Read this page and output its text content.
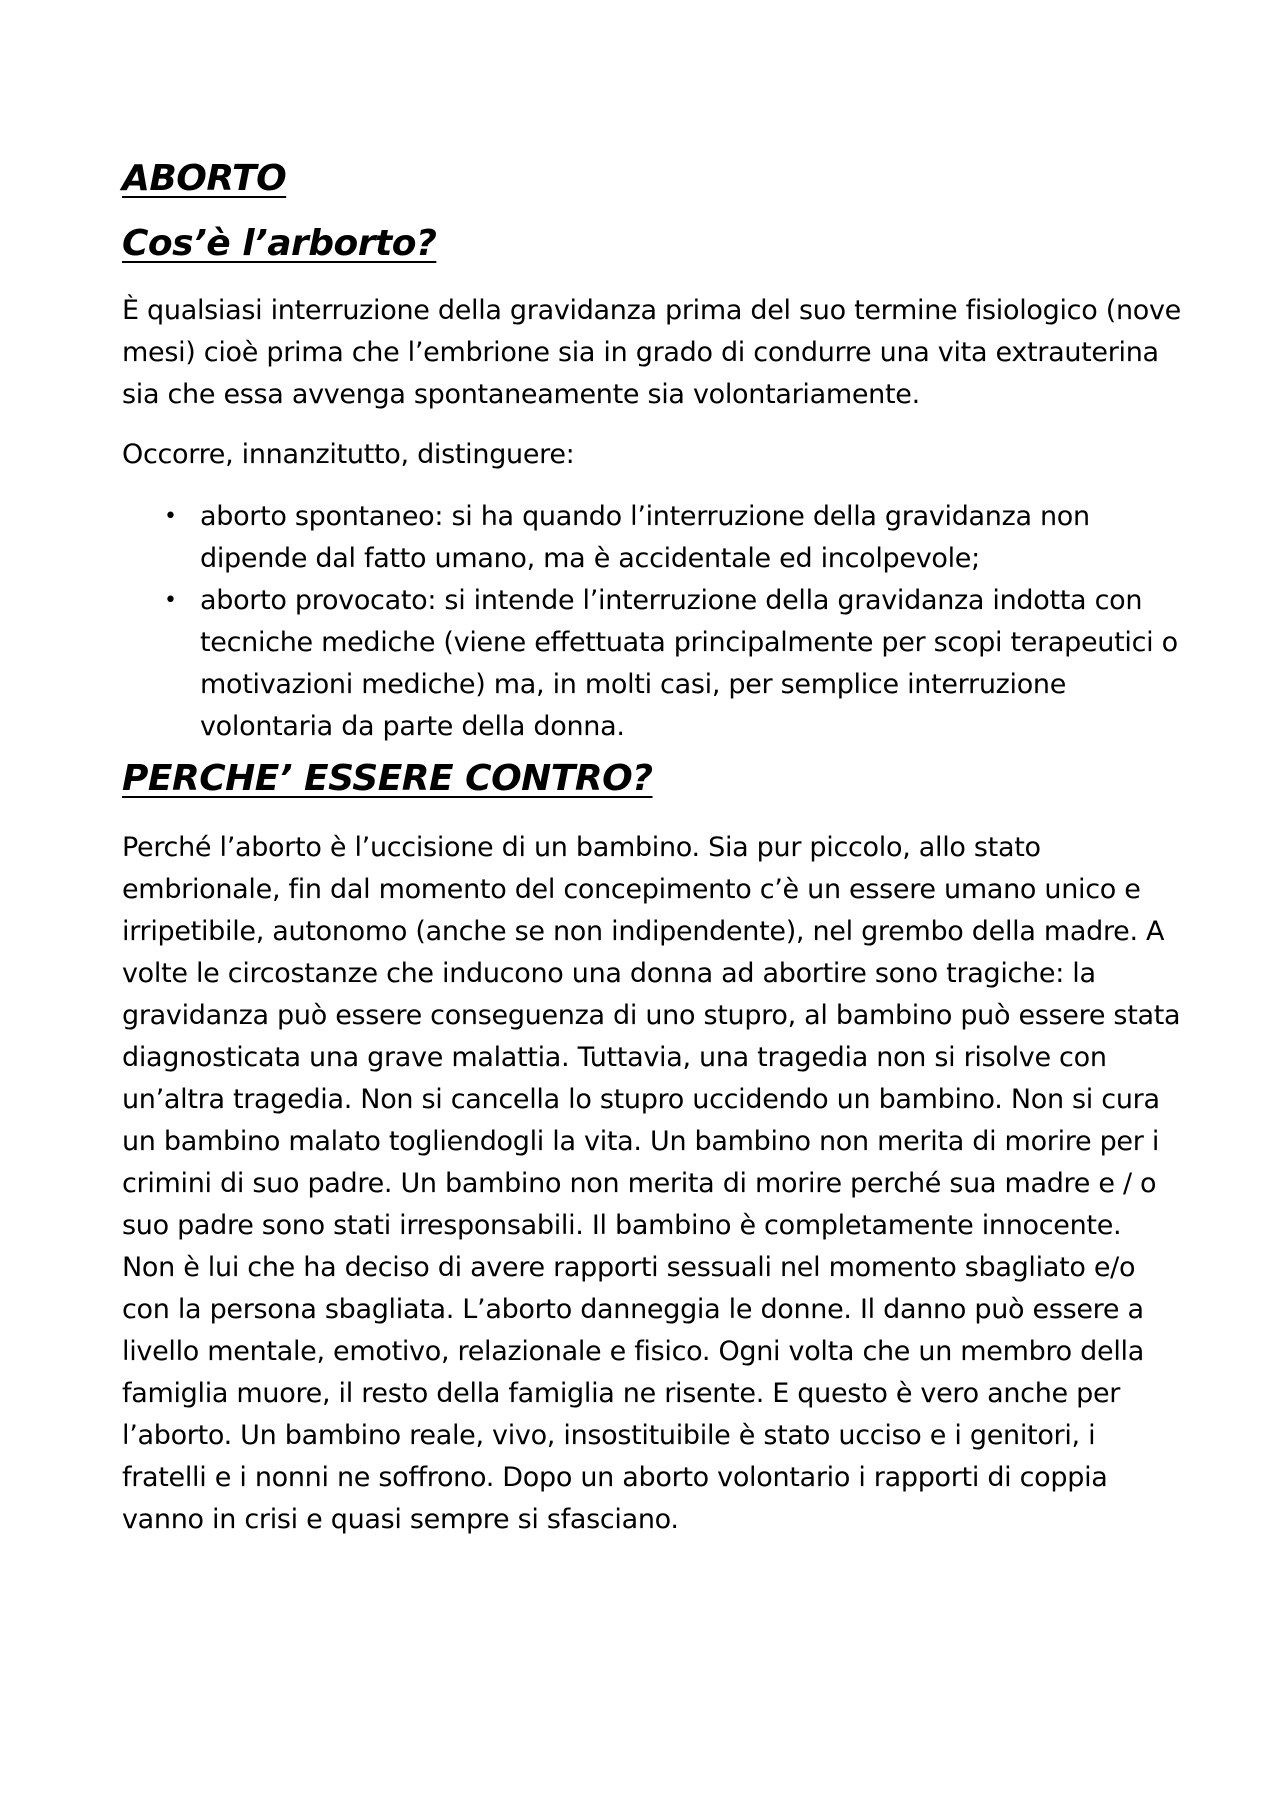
ABORTO
Cos’è l’arborto?

È qualsiasi interruzione della gravidanza prima del suo termine fisiologico (nove mesi) cioè prima che l’embrione sia in grado di condurre una vita extrauterina sia che essa avvenga spontaneamente sia volontariamente.

Occorre, innanzitutto, distinguere:

• aborto spontaneo: si ha quando l’interruzione della gravidanza non dipende dal fatto umano, ma è accidentale ed incolpevole;
• aborto provocato: si intende l’interruzione della gravidanza indotta con tecniche mediche (viene effettuata principalmente per scopi terapeutici o motivazioni mediche) ma, in molti casi, per semplice interruzione volontaria da parte della donna.
PERCHE’ ESSERE CONTRO?

Perché l’aborto è l’uccisione di un bambino. Sia pur piccolo, allo stato embrionale, fin dal momento del concepimento c’è un essere umano unico e irripetibile, autonomo (anche se non indipendente), nel grembo della madre. A volte le circostanze che inducono una donna ad abortire sono tragiche: la gravidanza può essere conseguenza di uno stupro, al bambino può essere stata diagnosticata una grave malattia. Tuttavia, una tragedia non si risolve con un’altra tragedia. Non si cancella lo stupro uccidendo un bambino. Non si cura un bambino malato togliendogli la vita. Un bambino non merita di morire per i crimini di suo padre. Un bambino non merita di morire perché sua madre e / o suo padre sono stati irresponsabili. Il bambino è completamente innocente. Non è lui che ha deciso di avere rapporti sessuali nel momento sbagliato e/o con la persona sbagliata. L’aborto danneggia le donne. Il danno può essere a livello mentale, emotivo, relazionale e fisico. Ogni volta che un membro della famiglia muore, il resto della famiglia ne risente. E questo è vero anche per l’aborto. Un bambino reale, vivo, insostituibile è stato ucciso e i genitori, i fratelli e i nonni ne soffrono. Dopo un aborto volontario i rapporti di coppia vanno in crisi e quasi sempre si sfasciano.
